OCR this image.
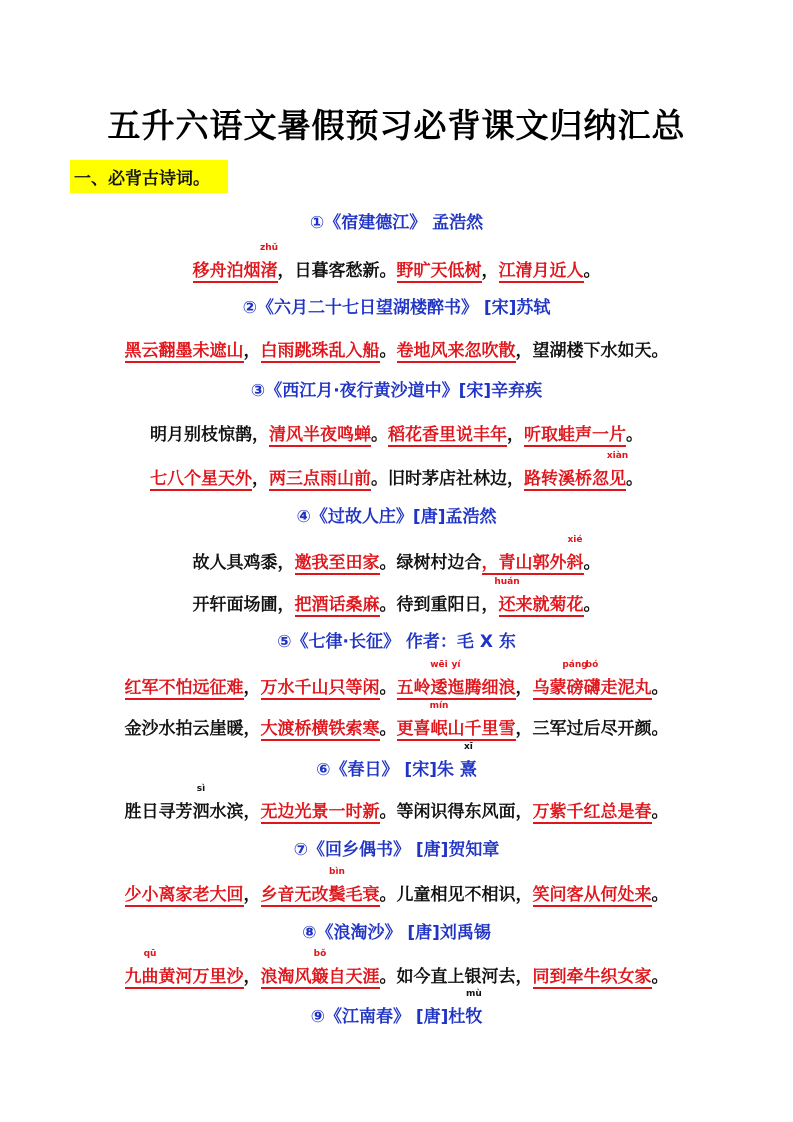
五升六语文暑假预习必背课文归纳汇总
一、必背古诗词。
①《宿建德江》 孟浩然
移舟泊烟
zhǔ
渚，日暮客愁新。野旷天低树，江清月近人。
②《六月二十七日望湖楼醉书》 [宋]苏轼
黑云翻墨未遮山，白雨跳珠乱入船。卷地风来忽吹散，望湖楼下水如天。
③《西江月·夜行黄沙道中》[宋]辛弃疾
明月别枝惊鹊，清风半夜鸣蝉。稻花香里说丰年，听取蛙声一片。
七八个星天外，两三点雨山前。旧时茅店社林边，路转溪桥忽
xiàn
见。
④《过故人庄》[唐]孟浩然
故人具鸡黍，邀我至田家。绿树村边合，青山郭外
xié
斜。
开轩面场圃，把酒话桑麻。待到重阳日，
huán
还来就菊花。
⑤《七律·长征》 作者：毛 X 东
红军不怕远征难，万水千山只等闲。五岭
wēi
逶
yí
迤腾细浪，乌蒙
páng
磅
bó
礴走泥丸。
金沙水拍云崖暖，大渡桥横铁索寒。更喜
mín
岷山千里雪，三军过后尽开颜。
⑥《春日》 [宋]朱
xī
熹
胜日寻芳
sì
泗水滨，无边光景一时新。等闲识得东风面，万紫千红总是春。
⑦《回乡偶书》 [唐]贺知章
少小离家老大回，乡音无改
bìn
鬓毛衰。儿童相见不相识，笑问客从何处来。
⑧《浪淘沙》 [唐]刘禹锡
九
qū
曲黄河万里沙，浪淘风
bǒ
簸自天涯。如今直上银河去，同到牵牛织女家。
⑨《江南春》 [唐]杜
mù
牧
